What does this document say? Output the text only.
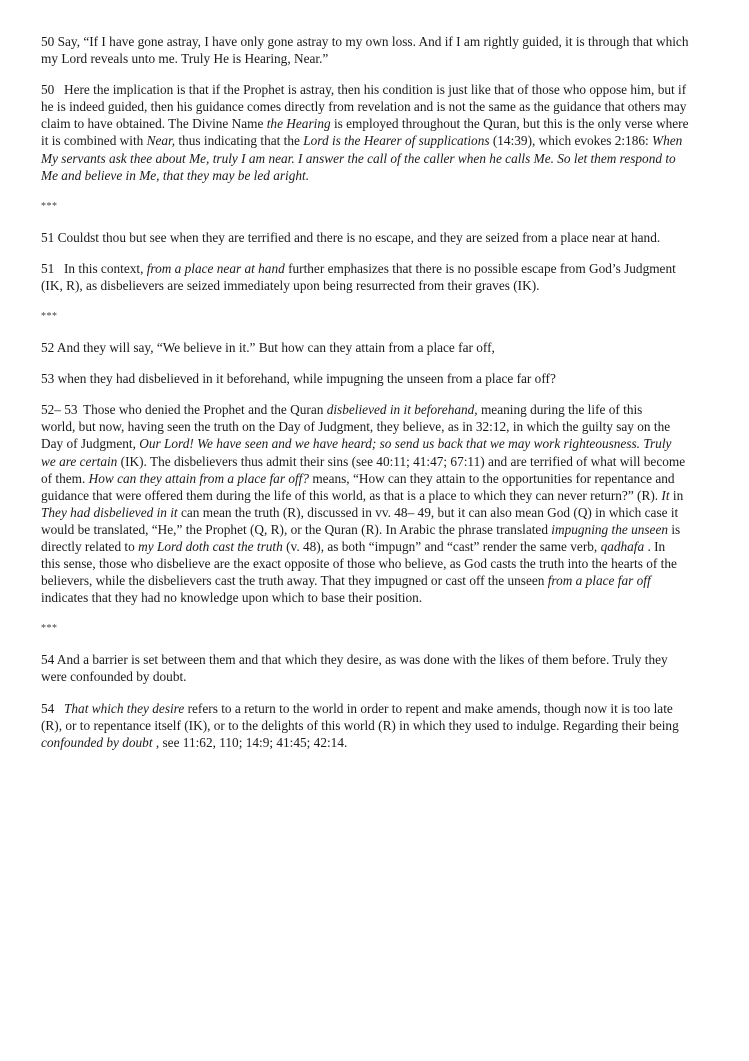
50 Say, “If I have gone astray, I have only gone astray to my own loss. And if I am rightly guided, it is through that which
my Lord reveals unto me. Truly He is Hearing, Near.”

50 Here the implication is that if the Prophet is astray, then his condition is just like that of those who oppose him, but if
he is indeed guided, then his guidance comes directly from revelation and is not the same as the guidance that others may
claim to have obtained. The Divine Name the Hearing is employed throughout the Quran, but this is the only verse where
it is combined with Near, thus indicating that the Lord is the Hearer of supplications (14:39), which evokes 2:186: When
My servants ask thee about Me, truly I am near. I answer the call of the caller when he calls Me. So let them respond to
Me and believe in Me, that they may be led aright.

***

51 Couldst thou but see when they are terrified and there is no escape, and they are seized from a place near at hand.

51 In this context, from a place near at hand further emphasizes that there is no possible escape from God’s Judgment
(IK, R), as disbelievers are seized immediately upon being resurrected from their graves (IK).

***

52 And they will say, “We believe in it.” But how can they attain from a place far off,

53 when they had disbelieved in it beforehand, while impugning the unseen from a place far off?

52– 53 Those who denied the Prophet and the Quran disbelieved in it beforehand, meaning during the life of this
world, but now, having seen the truth on the Day of Judgment, they believe, as in 32:12, in which the guilty say on the
Day of Judgment, Our Lord! We have seen and we have heard; so send us back that we may work righteousness. Truly
we are certain (IK). The disbelievers thus admit their sins (see 40:11; 41:47; 67:11) and are terrified of what will become
of them. How can they attain from a place far off? means, “How can they attain to the opportunities for repentance and
guidance that were offered them during the life of this world, as that is a place to which they can never return?” (R). It in
They had disbelieved in it can mean the truth (R), discussed in vv. 48– 49, but it can also mean God (Q) in which case it
would be translated, “He,” the Prophet (Q, R), or the Quran (R). In Arabic the phrase translated impugning the unseen is
directly related to my Lord doth cast the truth (v. 48), as both “impugn” and “cast” render the same verb, qadhafa . In
this sense, those who disbelieve are the exact opposite of those who believe, as God casts the truth into the hearts of the
believers, while the disbelievers cast the truth away. That they impugned or cast off the unseen from a place far off
indicates that they had no knowledge upon which to base their position.

***

54 And a barrier is set between them and that which they desire, as was done with the likes of them before. Truly they
were confounded by doubt.

54 That which they desire refers to a return to the world in order to repent and make amends, though now it is too late
(R), or to repentance itself (IK), or to the delights of this world (R) in which they used to indulge. Regarding their being
confounded by doubt , see 11:62, 110; 14:9; 41:45; 42:14.
